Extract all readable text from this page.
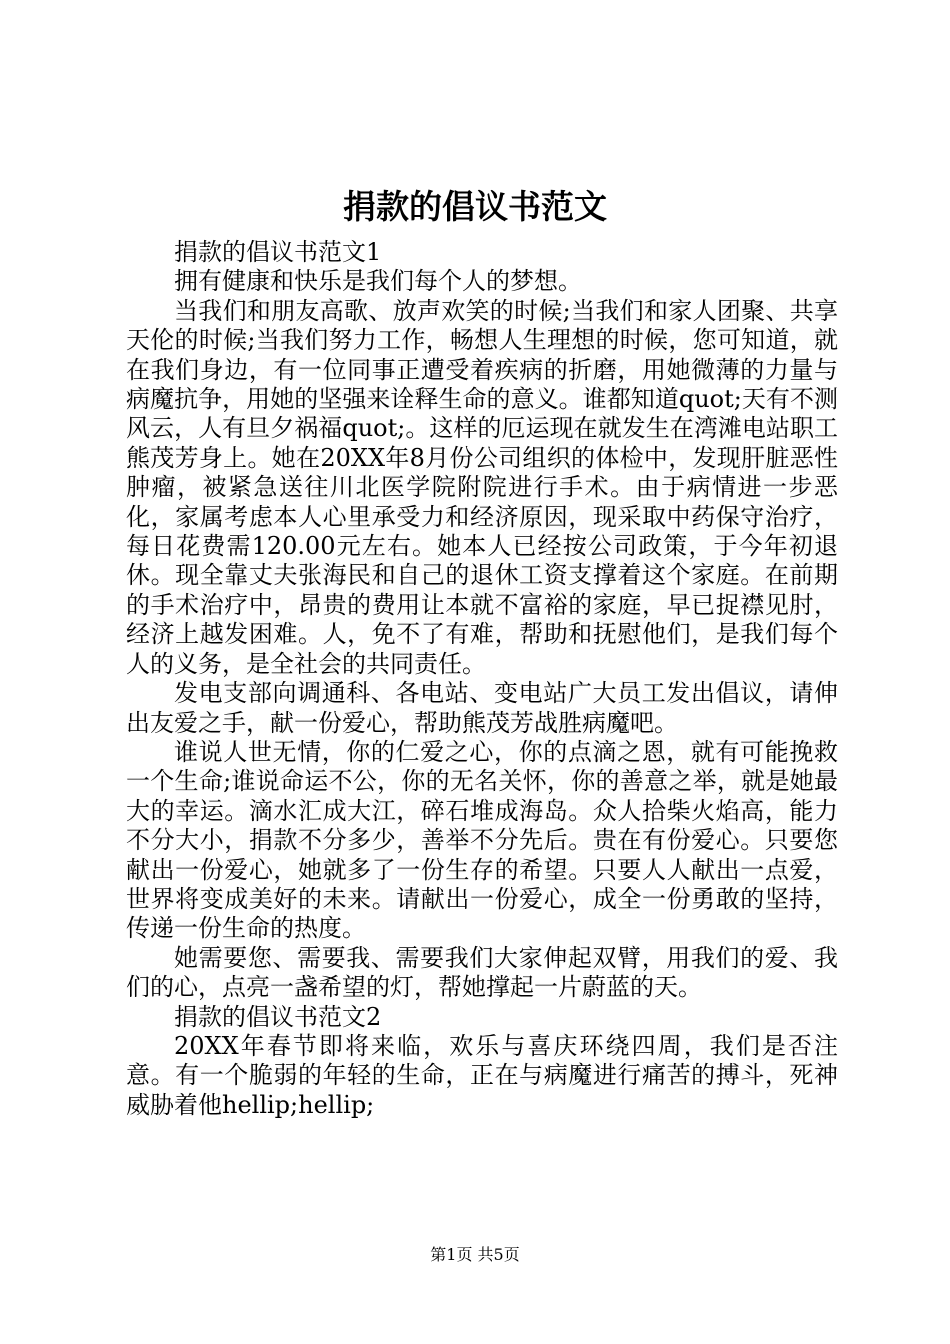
捐款的倡议书范文

捐款的倡议书范文1

拥有健康和快乐是我们每个人的梦想。

当我们和朋友高歌、放声欢笑的时候;当我们和家人团聚、共享天伦的时候;当我们努力工作，畅想人生理想的时候，您可知道，就在我们身边，有一位同事正遭受着疾病的折磨，用她微薄的力量与病魔抗争，用她的坚强来诠释生命的意义。谁都知道quot;天有不测风云，人有旦夕祸福quot;。这样的厄运现在就发生在湾滩电站职工熊茂芳身上。她在20XX年8月份公司组织的体检中，发现肝脏恶性肿瘤，被紧急送往川北医学院附院进行手术。由于病情进一步恶化，家属考虑本人心里承受力和经济原因，现采取中药保守治疗，每日花费需120.00元左右。她本人已经按公司政策，于今年初退休。现全靠丈夫张海民和自己的退休工资支撑着这个家庭。在前期的手术治疗中，昂贵的费用让本就不富裕的家庭，早已捉襟见肘，经济上越发困难。人，免不了有难，帮助和抚慰他们，是我们每个人的义务，是全社会的共同责任。

发电支部向调通科、各电站、变电站广大员工发出倡议，请伸出友爱之手，献一份爱心，帮助熊茂芳战胜病魔吧。

谁说人世无情，你的仁爱之心，你的点滴之恩，就有可能挽救一个生命;谁说命运不公，你的无名关怀，你的善意之举，就是她最大的幸运。滴水汇成大江，碎石堆成海岛。众人拾柴火焰高，能力不分大小，捐款不分多少，善举不分先后。贵在有份爱心。只要您献出一份爱心，她就多了一份生存的希望。只要人人献出一点爱，世界将变成美好的未来。请献出一份爱心，成全一份勇敢的坚持，传递一份生命的热度。

她需要您、需要我、需要我们大家伸起双臂，用我们的爱、我们的心，点亮一盏希望的灯，帮她撑起一片蔚蓝的天。

捐款的倡议书范文2

20XX年春节即将来临，欢乐与喜庆环绕四周，我们是否注意。有一个脆弱的年轻的生命，正在与病魔进行痛苦的搏斗，死神威胁着他hellip;hellip;

第1页 共5页
